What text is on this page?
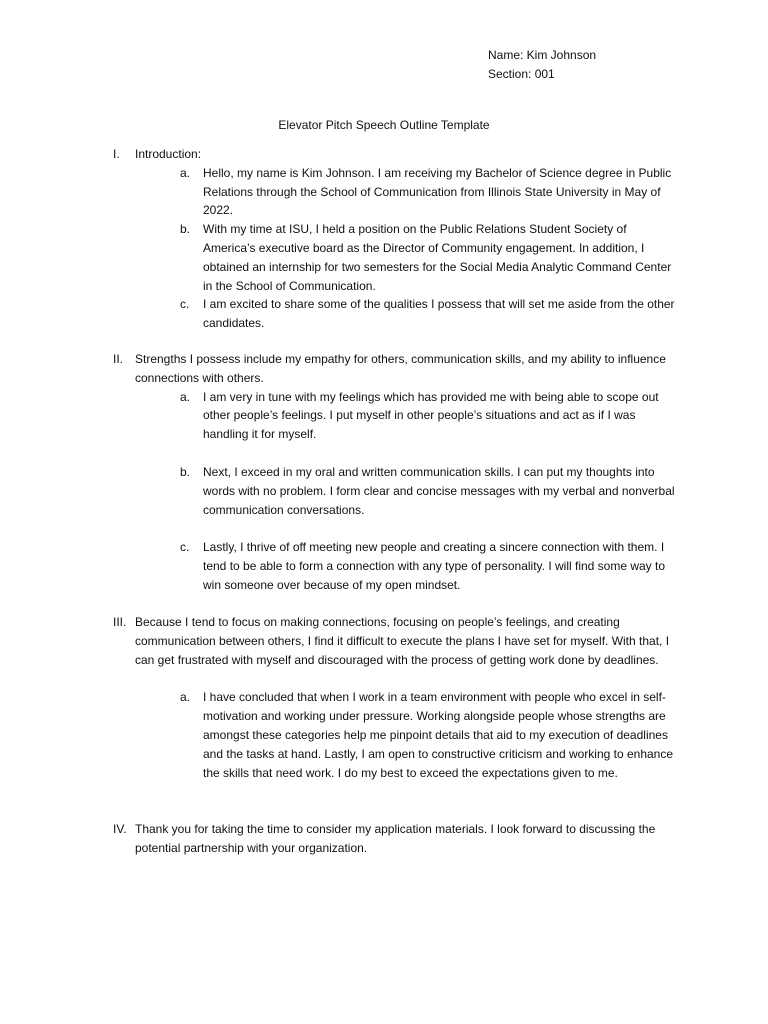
Name: Kim Johnson
Section: 001
Elevator Pitch Speech Outline Template
I.	Introduction:
a. Hello, my name is Kim Johnson. I am receiving my Bachelor of Science degree in Public Relations through the School of Communication from Illinois State University in May of 2022.
b. With my time at ISU, I held a position on the Public Relations Student Society of America’s executive board as the Director of Community engagement. In addition, I obtained an internship for two semesters for the Social Media Analytic Command Center in the School of Communication.
c. I am excited to share some of the qualities I possess that will set me aside from the other candidates.
II. Strengths I possess include my empathy for others, communication skills, and my ability to influence connections with others.
a. I am very in tune with my feelings which has provided me with being able to scope out other people’s feelings. I put myself in other people’s situations and act as if I was handling it for myself.
b. Next, I exceed in my oral and written communication skills. I can put my thoughts into words with no problem. I form clear and concise messages with my verbal and nonverbal communication conversations.
c. Lastly, I thrive of off meeting new people and creating a sincere connection with them. I tend to be able to form a connection with any type of personality. I will find some way to win someone over because of my open mindset.
III. Because I tend to focus on making connections, focusing on people’s feelings, and creating communication between others, I find it difficult to execute the plans I have set for myself. With that, I can get frustrated with myself and discouraged with the process of getting work done by deadlines.
a. I have concluded that when I work in a team environment with people who excel in self-motivation and working under pressure. Working alongside people whose strengths are amongst these categories help me pinpoint details that aid to my execution of deadlines and the tasks at hand. Lastly, I am open to constructive criticism and working to enhance the skills that need work. I do my best to exceed the expectations given to me.
IV. Thank you for taking the time to consider my application materials. I look forward to discussing the potential partnership with your organization.
